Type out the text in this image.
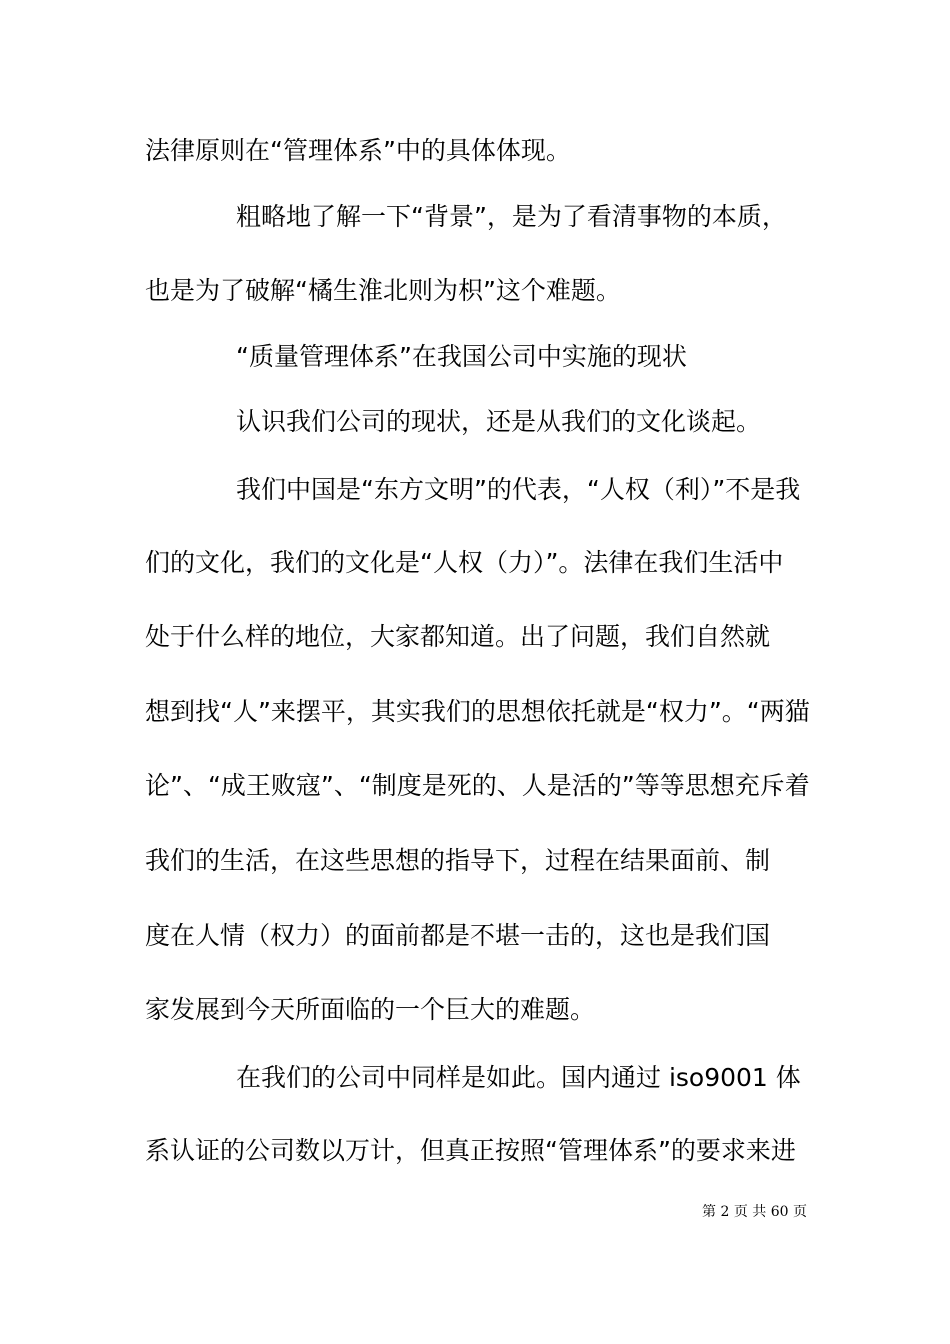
法律原则在“管理体系”中的具体体现。

粗略地了解一下“背景”，是为了看清事物的本质，

也是为了破解“橘生淮北则为枳”这个难题。

“质量管理体系”在我国公司中实施的现状

认识我们公司的现状，还是从我们的文化谈起。

我们中国是“东方文明”的代表，“人权（利）”不是我

们的文化，我们的文化是“人权（力）”。法律在我们生活中

处于什么样的地位，大家都知道。出了问题，我们自然就

想到找“人”来摆平，其实我们的思想依托就是“权力”。“两猫

论”、“成王败寇”、“制度是死的、人是活的”等等思想充斥着

我们的生活，在这些思想的指导下，过程在结果面前、制

度在人情（权力）的面前都是不堪一击的，这也是我们国

家发展到今天所面临的一个巨大的难题。

在我们的公司中同样是如此。国内通过 iso9001 体

系认证的公司数以万计，但真正按照“管理体系”的要求来进

第 2 页 共 60 页
